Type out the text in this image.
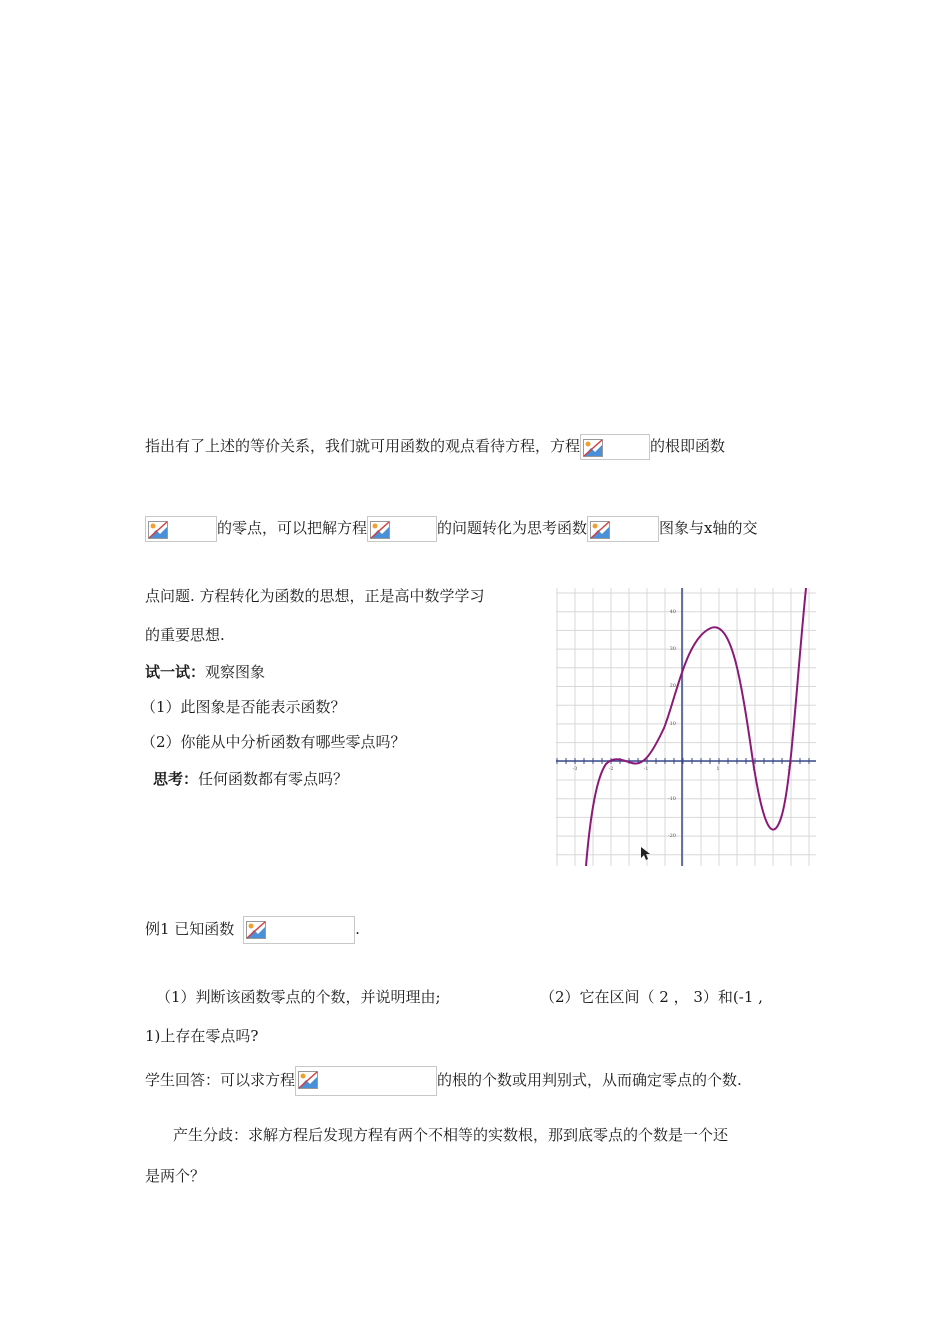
指出有了上述的等价关系，我们就可用函数的观点看待方程，方程	的根即函数
的零点，可以把解方程	的问题转化为思考函数	图象与x轴的交
点问题. 方程转化为函数的思想，正是高中数学学习
的重要思想.
试一试：观察图象
（1）此图象是否能表示函数？
（2）你能从中分析函数有哪些零点吗？
思考：任何函数都有零点吗？
40
30
20
10
-10
-20
-3	-2	-1	1	2	3
例1 已知函数	.
（1）判断该函数零点的个数，并说明理由;	（2）它在区间（ 2 ， 3）和(-1 ,
1)上存在零点吗?
学生回答：可以求方程	的根的个数或用判别式，从而确定零点的个数.
产生分歧：求解方程后发现方程有两个不相等的实数根，那到底零点的个数是一个还
是两个？
